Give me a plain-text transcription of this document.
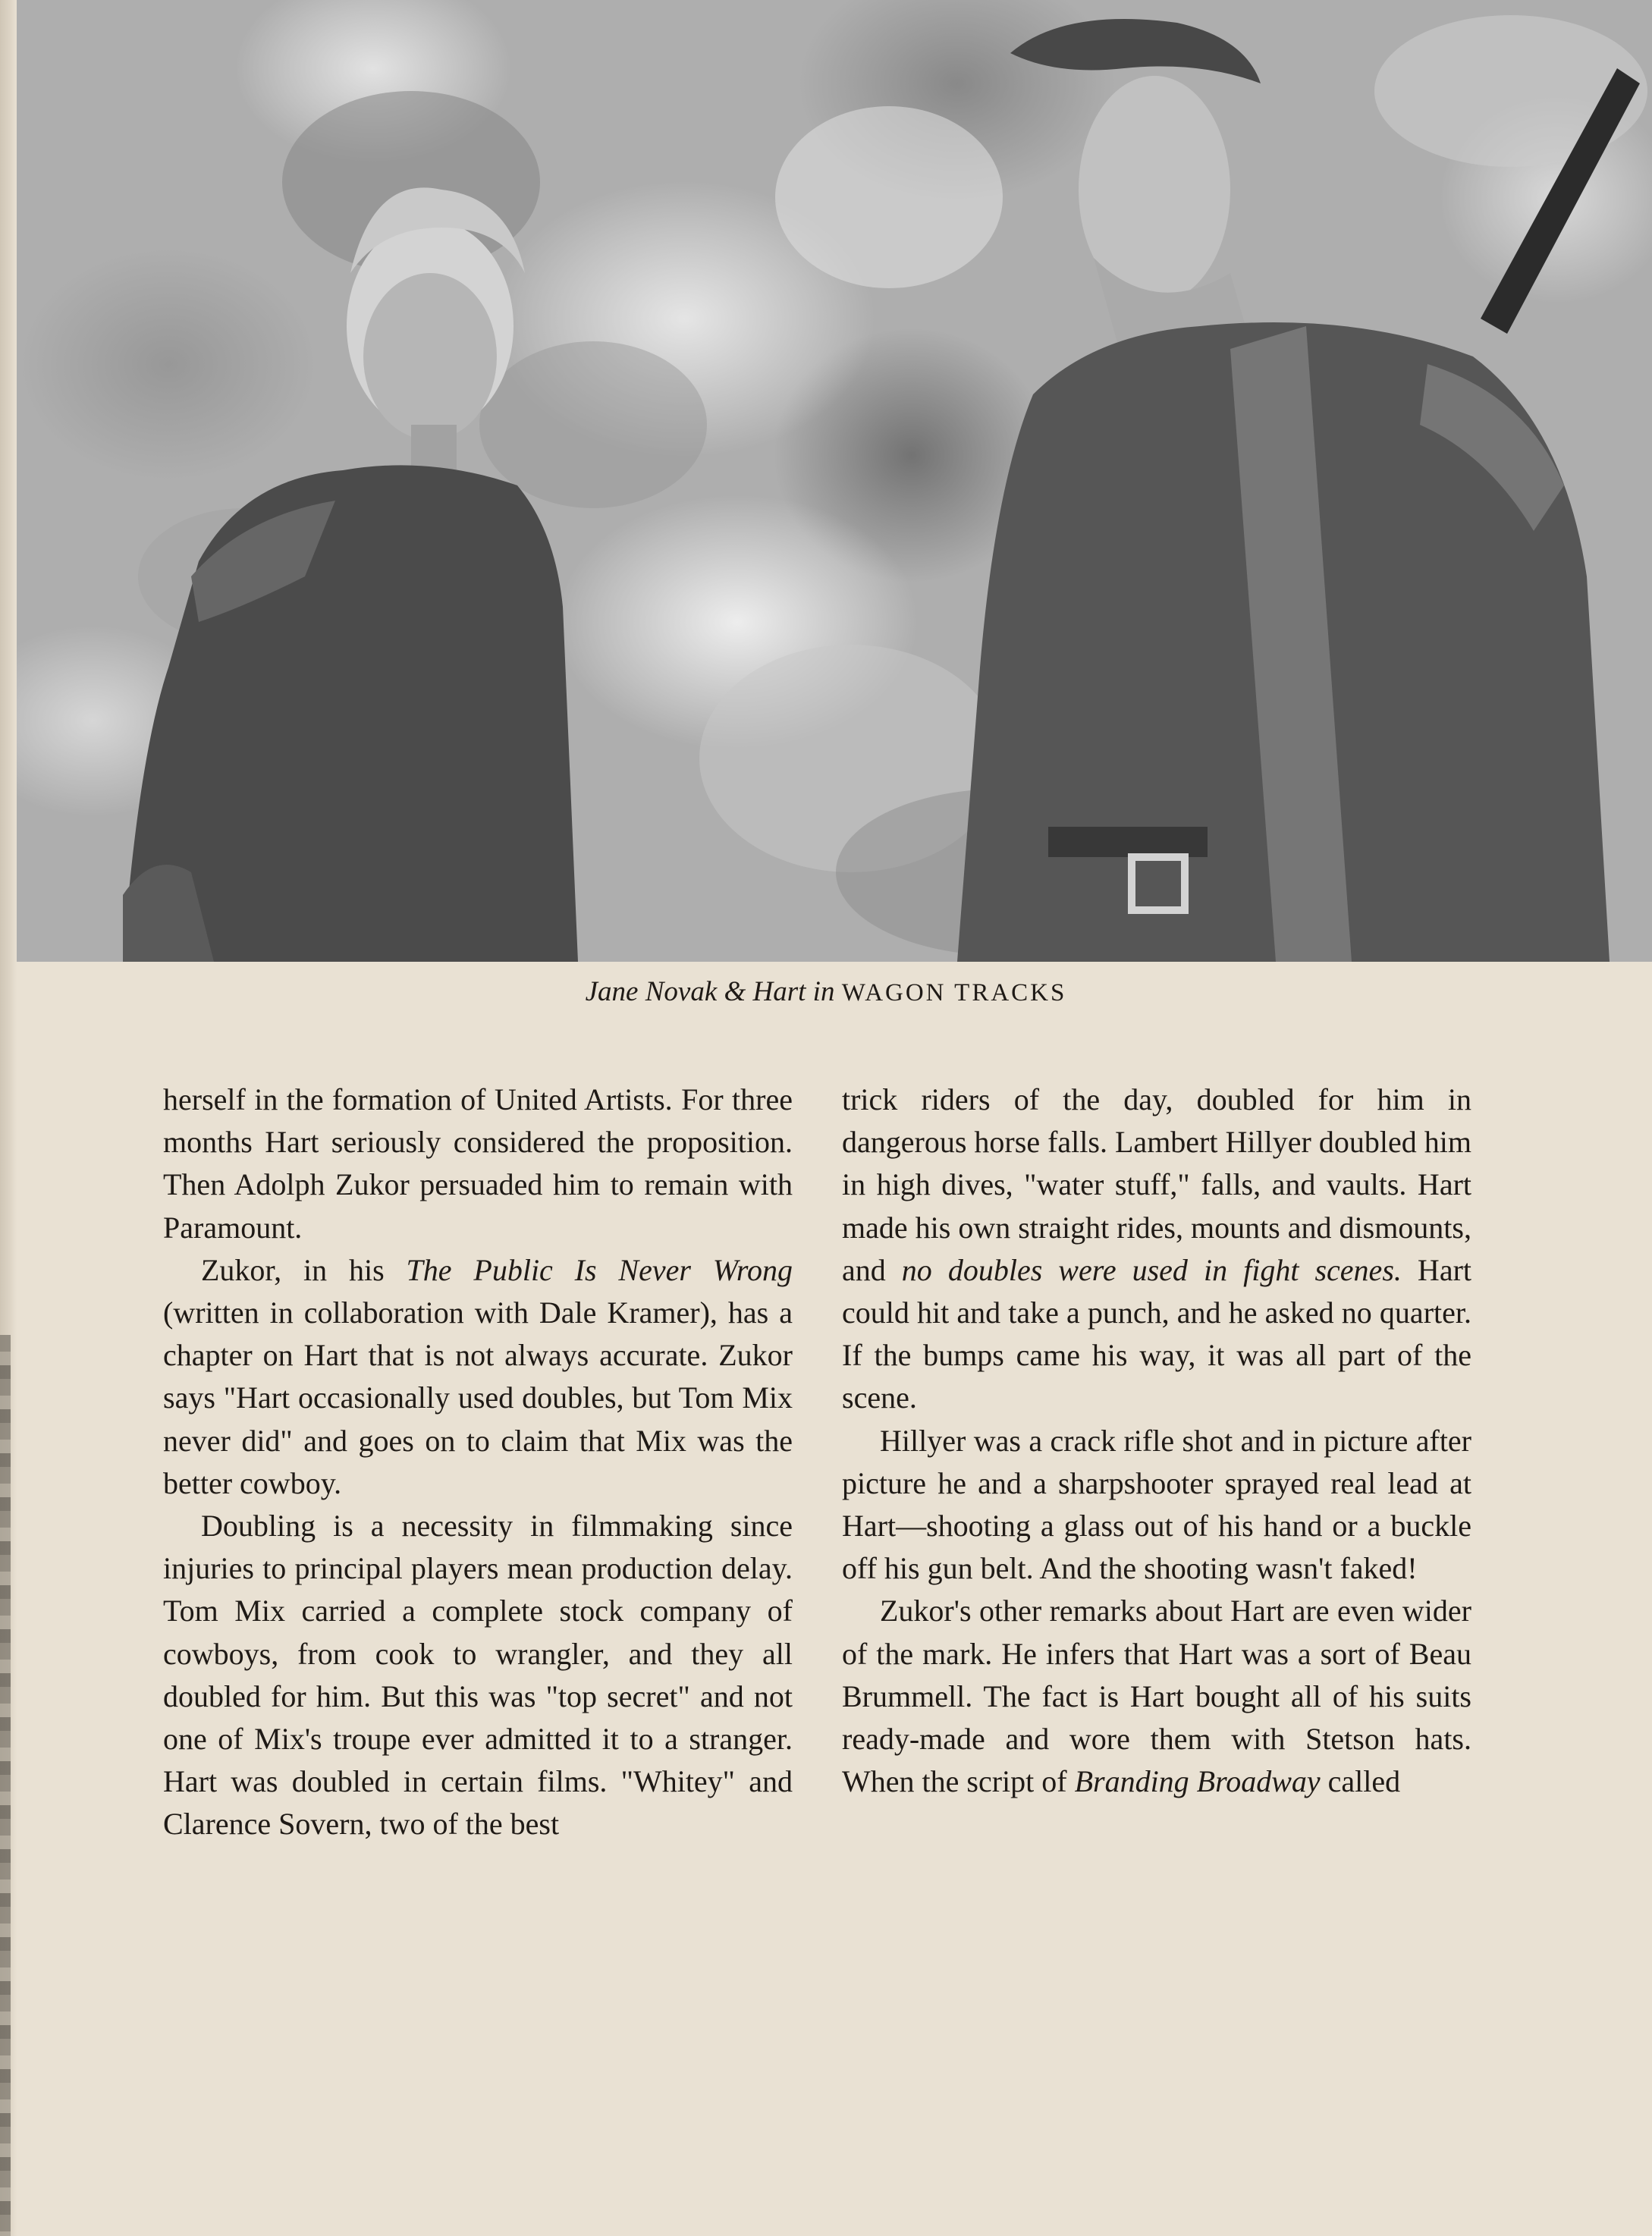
Jane Novak & Hart in WAGON TRACKS

herself in the formation of United Artists. For three months Hart seriously considered the proposition. Then Adolph Zukor persuaded him to remain with Paramount.

Zukor, in his The Public Is Never Wrong (written in collaboration with Dale Kramer), has a chapter on Hart that is not always accurate. Zukor says "Hart occasionally used doubles, but Tom Mix never did" and goes on to claim that Mix was the better cowboy.

Doubling is a necessity in filmmaking since injuries to principal players mean production delay. Tom Mix carried a complete stock company of cowboys, from cook to wrangler, and they all doubled for him. But this was "top secret" and not one of Mix's troupe ever admitted it to a stranger. Hart was doubled in certain films. "Whitey" and Clarence Sovern, two of the best

trick riders of the day, doubled for him in dangerous horse falls. Lambert Hillyer doubled him in high dives, "water stuff," falls, and vaults. Hart made his own straight rides, mounts and dismounts, and no doubles were used in fight scenes. Hart could hit and take a punch, and he asked no quarter. If the bumps came his way, it was all part of the scene.

Hillyer was a crack rifle shot and in picture after picture he and a sharpshooter sprayed real lead at Hart—shooting a glass out of his hand or a buckle off his gun belt. And the shooting wasn't faked!

Zukor's other remarks about Hart are even wider of the mark. He infers that Hart was a sort of Beau Brummell. The fact is Hart bought all of his suits ready-made and wore them with Stetson hats. When the script of Branding Broadway called
